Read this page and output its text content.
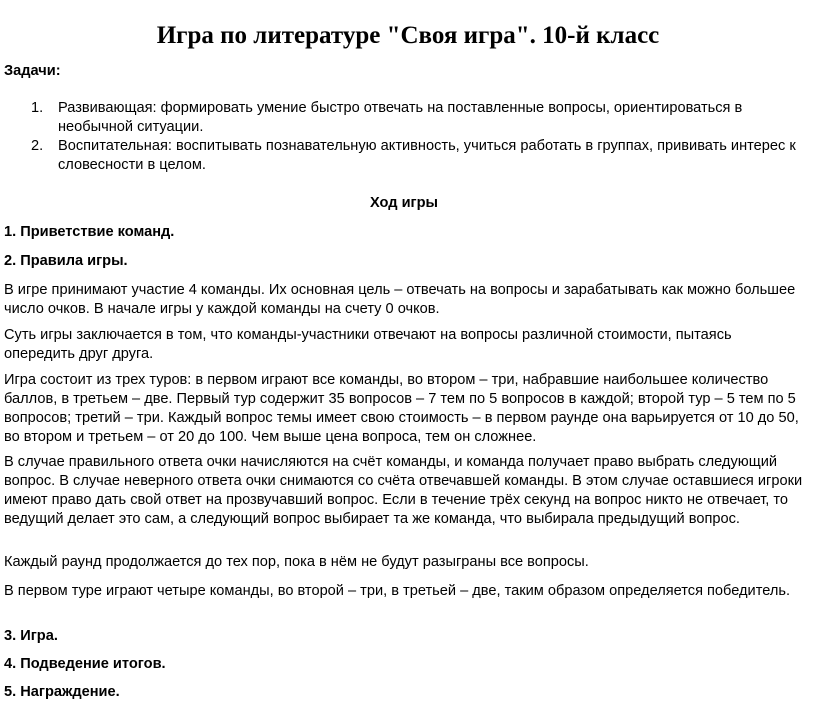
Игра по литературе "Своя игра". 10-й класс

Задачи:

1. Развивающая: формировать умение быстро отвечать на поставленные вопросы, ориентироваться в необычной ситуации.
2. Воспитательная: воспитывать познавательную активность, учиться работать в группах, прививать интерес к словесности в целом.

Ход игры

1. Приветствие команд.

2. Правила игры.

В игре принимают участие 4 команды. Их основная цель – отвечать на вопросы и зарабатывать как можно большее число очков. В начале игры у каждой команды на счету 0 очков.

Суть игры заключается в том, что команды-участники отвечают на вопросы различной стоимости, пытаясь опередить друг друга.

Игра состоит из трех туров: в первом играют все команды, во втором – три, набравшие наибольшее количество баллов, в третьем – две. Первый тур содержит 35 вопросов – 7 тем по 5 вопросов в каждой; второй тур – 5 тем по 5 вопросов; третий – три. Каждый вопрос темы имеет свою стоимость – в первом раунде она варьируется от 10 до 50, во втором и третьем – от 20 до 100. Чем выше цена вопроса, тем он сложнее.

В случае правильного ответа очки начисляются на счёт команды, и команда получает право выбрать следующий вопрос. В случае неверного ответа очки снимаются со счёта отвечавшей команды. В этом случае оставшиеся игроки имеют право дать свой ответ на прозвучавший вопрос. Если в течение трёх секунд на вопрос никто не отвечает, то ведущий делает это сам, а следующий вопрос выбирает та же команда, что выбирала предыдущий вопрос.

Каждый раунд продолжается до тех пор, пока в нём не будут разыграны все вопросы.

В первом туре играют четыре команды, во второй – три, в третьей – две, таким образом определяется победитель.

3. Игра.

4. Подведение итогов.

5. Награждение.
